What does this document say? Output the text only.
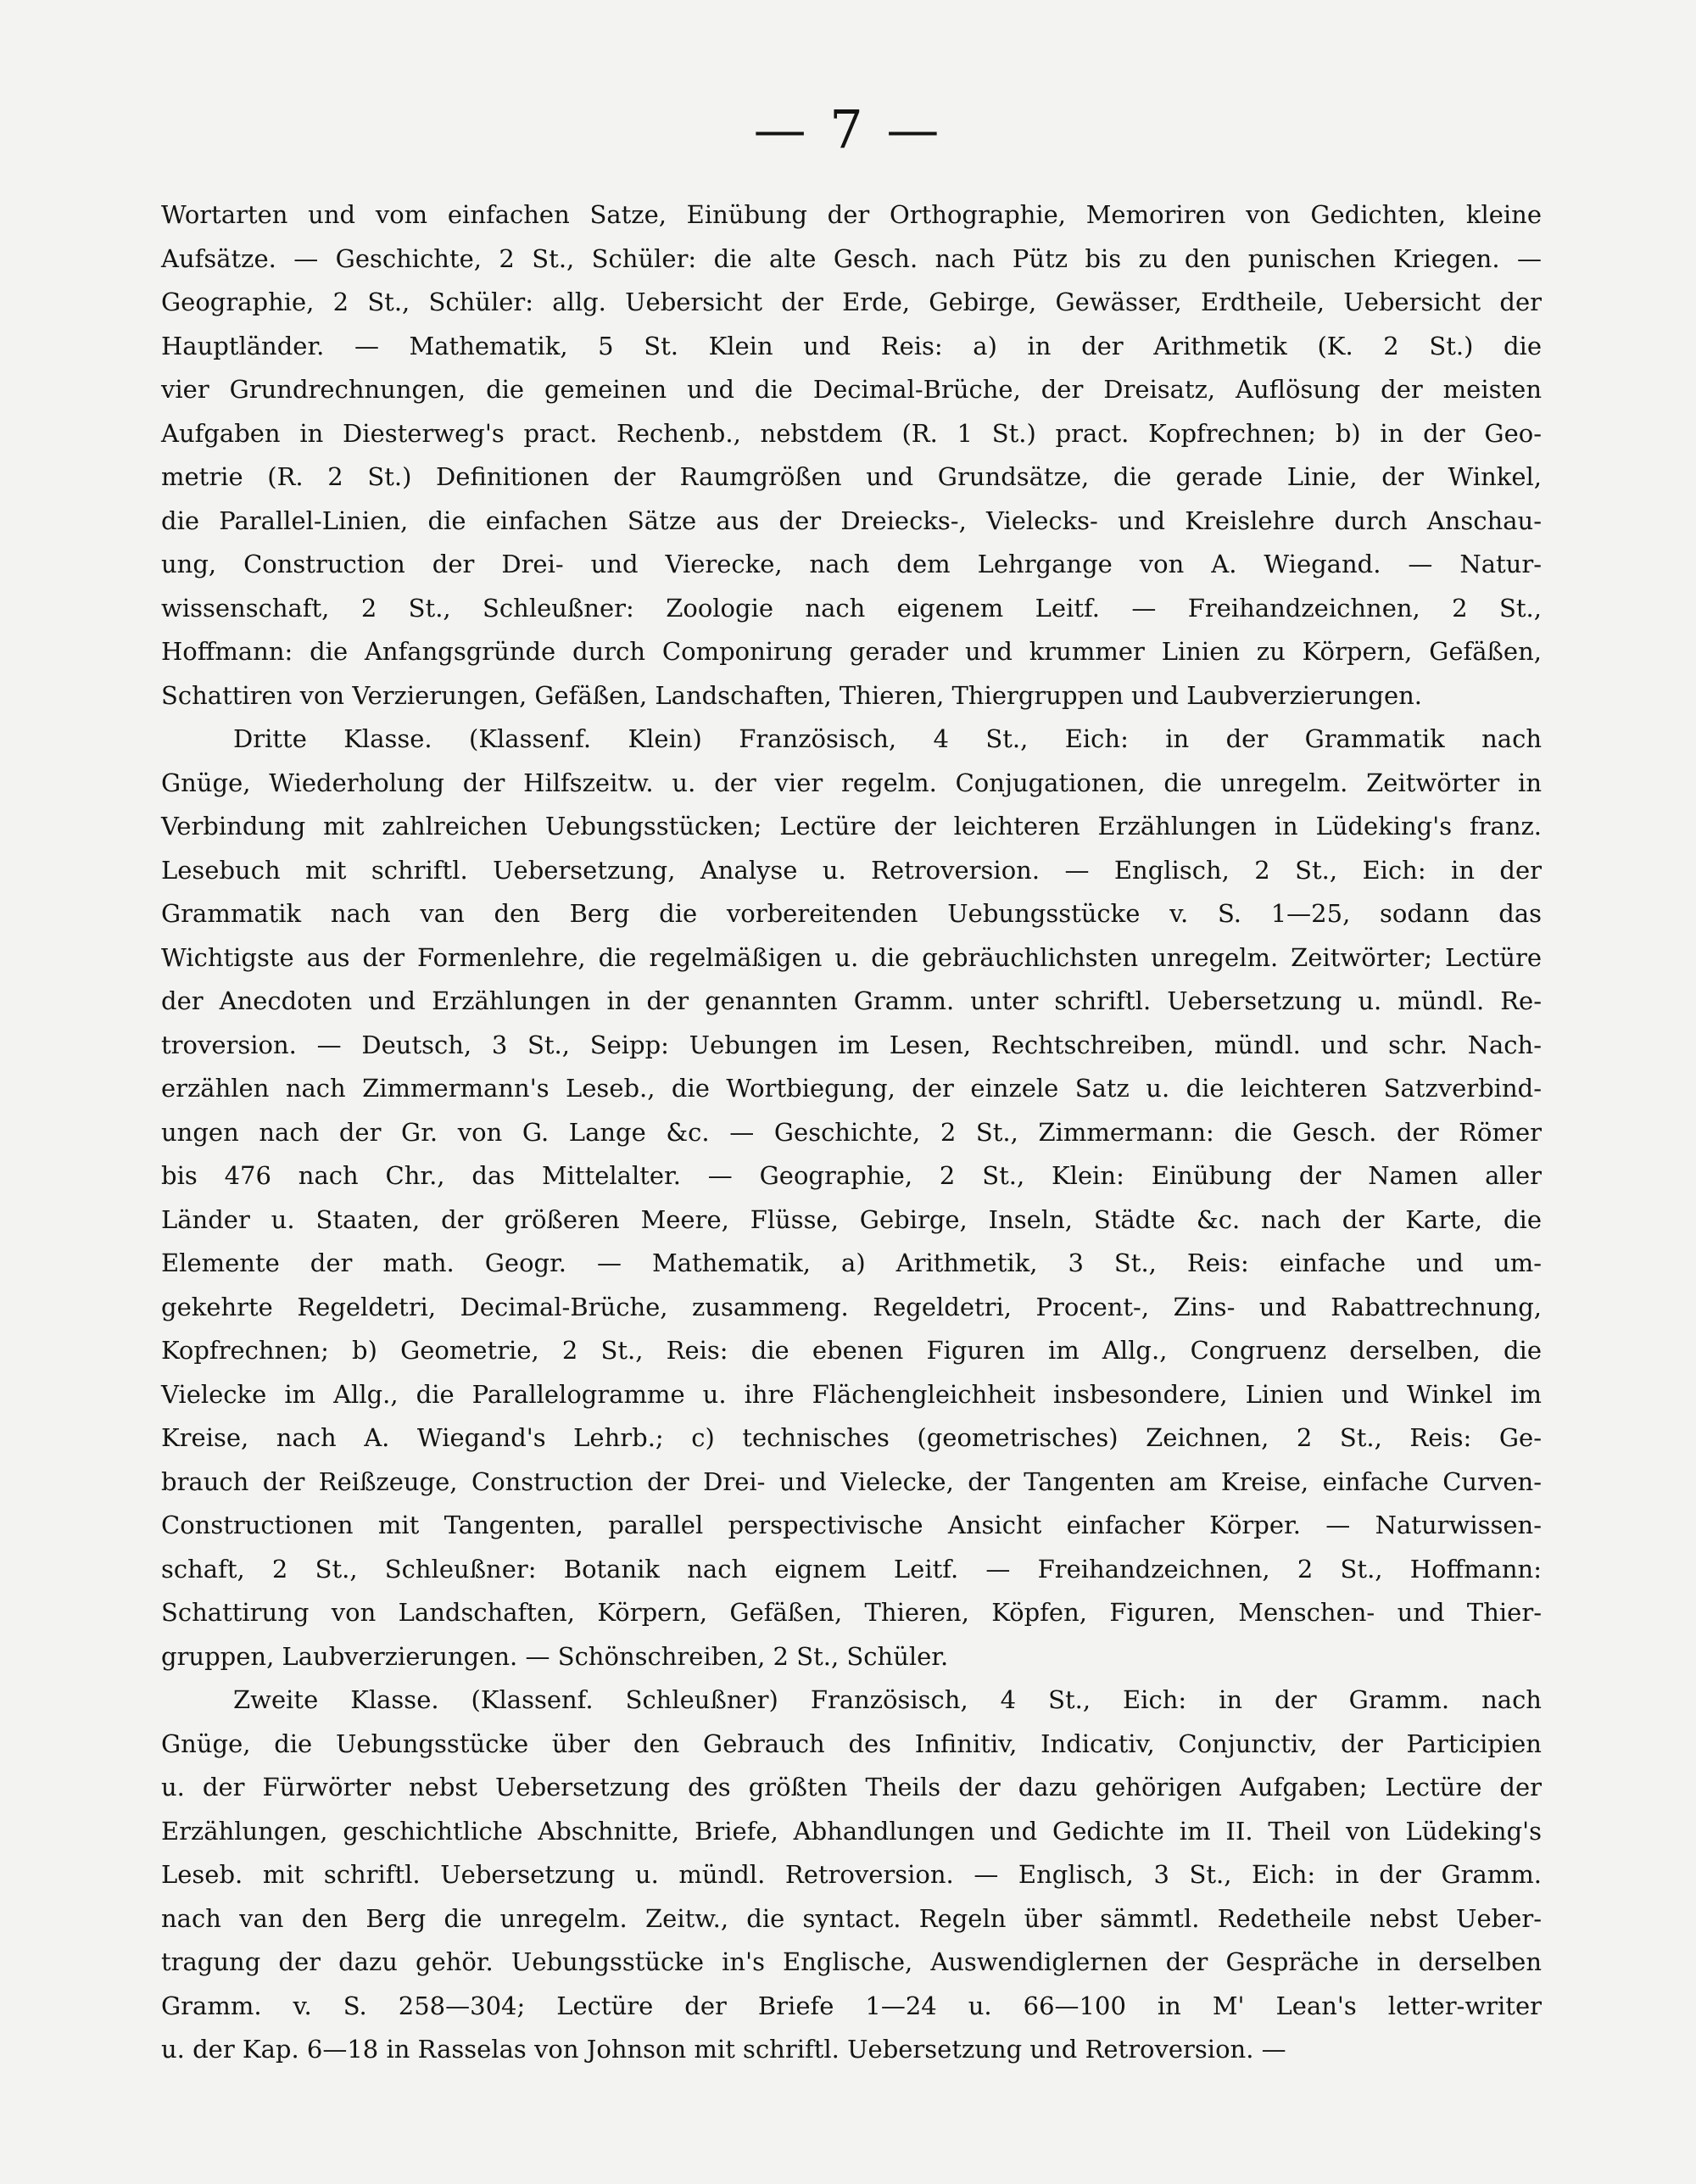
— 7 —
Wortarten und vom einfachen Satze, Einübung der Orthographie, Memoriren von Gedichten, kleine
Aufsätze. — Geschichte, 2 St., Schüler: die alte Gesch. nach Pütz bis zu den punischen Kriegen. —
Geographie, 2 St., Schüler: allg. Uebersicht der Erde, Gebirge, Gewässer, Erdtheile, Uebersicht der
Hauptländer. — Mathematik, 5 St. Klein und Reis: a) in der Arithmetik (K. 2 St.) die
vier Grundrechnungen, die gemeinen und die Decimal-Brüche, der Dreisatz, Auflösung der meisten
Aufgaben in Diesterweg's pract. Rechenb., nebstdem (R. 1 St.) pract. Kopfrechnen; b) in der Geo-
metrie (R. 2 St.) Definitionen der Raumgrößen und Grundsätze, die gerade Linie, der Winkel,
die Parallel-Linien, die einfachen Sätze aus der Dreiecks-, Vielecks- und Kreislehre durch Anschau-
ung, Construction der Drei- und Vierecke, nach dem Lehrgange von A. Wiegand. — Natur-
wissenschaft, 2 St., Schleußner: Zoologie nach eigenem Leitf. — Freihandzeichnen, 2 St.,
Hoffmann: die Anfangsgründe durch Componirung gerader und krummer Linien zu Körpern, Gefäßen,
Schattiren von Verzierungen, Gefäßen, Landschaften, Thieren, Thiergruppen und Laubverzierungen.
Dritte Klasse. (Klassenf. Klein) Französisch, 4 St., Eich: in der Grammatik nach
Gnüge, Wiederholung der Hilfszeitw. u. der vier regelm. Conjugationen, die unregelm. Zeitwörter in
Verbindung mit zahlreichen Uebungsstücken; Lectüre der leichteren Erzählungen in Lüdeking's franz.
Lesebuch mit schriftl. Uebersetzung, Analyse u. Retroversion. — Englisch, 2 St., Eich: in der
Grammatik nach van den Berg die vorbereitenden Uebungsstücke v. S. 1—25, sodann das
Wichtigste aus der Formenlehre, die regelmäßigen u. die gebräuchlichsten unregelm. Zeitwörter; Lectüre
der Anecdoten und Erzählungen in der genannten Gramm. unter schriftl. Uebersetzung u. mündl. Re-
troversion. — Deutsch, 3 St., Seipp: Uebungen im Lesen, Rechtschreiben, mündl. und schr. Nach-
erzählen nach Zimmermann's Leseb., die Wortbiegung, der einzele Satz u. die leichteren Satzverbind-
ungen nach der Gr. von G. Lange &c. — Geschichte, 2 St., Zimmermann: die Gesch. der Römer
bis 476 nach Chr., das Mittelalter. — Geographie, 2 St., Klein: Einübung der Namen aller
Länder u. Staaten, der größeren Meere, Flüsse, Gebirge, Inseln, Städte &c. nach der Karte, die
Elemente der math. Geogr. — Mathematik, a) Arithmetik, 3 St., Reis: einfache und um-
gekehrte Regeldetri, Decimal-Brüche, zusammeng. Regeldetri, Procent-, Zins- und Rabattrechnung,
Kopfrechnen; b) Geometrie, 2 St., Reis: die ebenen Figuren im Allg., Congruenz derselben, die
Vielecke im Allg., die Parallelogramme u. ihre Flächengleichheit insbesondere, Linien und Winkel im
Kreise, nach A. Wiegand's Lehrb.; c) technisches (geometrisches) Zeichnen, 2 St., Reis: Ge-
brauch der Reißzeuge, Construction der Drei- und Vielecke, der Tangenten am Kreise, einfache Curven-
Constructionen mit Tangenten, parallel perspectivische Ansicht einfacher Körper. — Naturwissen-
schaft, 2 St., Schleußner: Botanik nach eignem Leitf. — Freihandzeichnen, 2 St., Hoffmann:
Schattirung von Landschaften, Körpern, Gefäßen, Thieren, Köpfen, Figuren, Menschen- und Thier-
gruppen, Laubverzierungen. — Schönschreiben, 2 St., Schüler.
Zweite Klasse. (Klassenf. Schleußner) Französisch, 4 St., Eich: in der Gramm. nach
Gnüge, die Uebungsstücke über den Gebrauch des Infinitiv, Indicativ, Conjunctiv, der Participien
u. der Fürwörter nebst Uebersetzung des größten Theils der dazu gehörigen Aufgaben; Lectüre der
Erzählungen, geschichtliche Abschnitte, Briefe, Abhandlungen und Gedichte im II. Theil von Lüdeking's
Leseb. mit schriftl. Uebersetzung u. mündl. Retroversion. — Englisch, 3 St., Eich: in der Gramm.
nach van den Berg die unregelm. Zeitw., die syntact. Regeln über sämmtl. Redetheile nebst Ueber-
tragung der dazu gehör. Uebungsstücke in's Englische, Auswendiglernen der Gespräche in derselben
Gramm. v. S. 258—304; Lectüre der Briefe 1—24 u. 66—100 in M' Lean's letter-writer
u. der Kap. 6—18 in Rasselas von Johnson mit schriftl. Uebersetzung und Retroversion. —
